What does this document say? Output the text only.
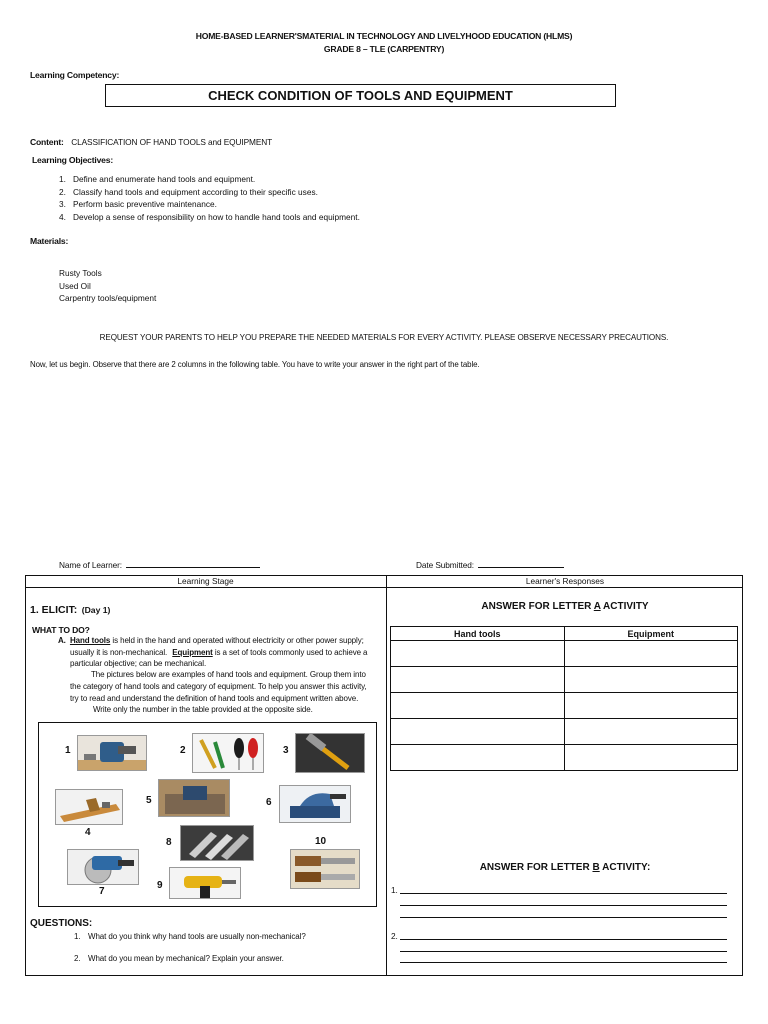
HOME-BASED LEARNER'SMATERIAL IN TECHNOLOGY AND LIVELYHOOD EDUCATION (HLMS)
GRADE 8 – TLE (CARPENTRY)
Learning Competency:
CHECK CONDITION OF TOOLS AND EQUIPMENT
Content: CLASSIFICATION OF HAND TOOLS and EQUIPMENT
Learning Objectives:
1. Define and enumerate hand tools and equipment.
2. Classify hand tools and equipment according to their specific uses.
3. Perform basic preventive maintenance.
4. Develop a sense of responsibility on how to handle hand tools and equipment.
Materials:
Rusty Tools
Used Oil
Carpentry tools/equipment
REQUEST YOUR PARENTS TO HELP YOU PREPARE THE NEEDED MATERIALS FOR EVERY ACTIVITY. PLEASE OBSERVE NECESSARY PRECAUTIONS.
Now, let us begin. Observe that there are 2 columns in the following table. You have to write your answer in the right part of the table.
Name of Learner:	Date Submitted:
Learning Stage	Learner's Responses
1. ELICIT: (Day 1)
WHAT TO DO?
A. Hand tools is held in the hand and operated without electricity or other power supply;
usually it is non-mechanical. Equipment is a set of tools commonly used to achieve a
particular objective; can be mechanical.
The pictures below are examples of hand tools and equipment. Group them into
the category of hand tools and category of equipment. To help you answer this activity,
try to read and understand the definition of hand tools and equipment written above.
Write only the number in the table provided at the opposite side.
1	2	3
4
5	6
7
8
9
10
QUESTIONS:
1. What do you think why hand tools are usually non-mechanical?
2. What do you mean by mechanical? Explain your answer.
ANSWER FOR LETTER A ACTIVITY
Hand tools	Equipment

ANSWER FOR LETTER B ACTIVITY:
1.
2.
